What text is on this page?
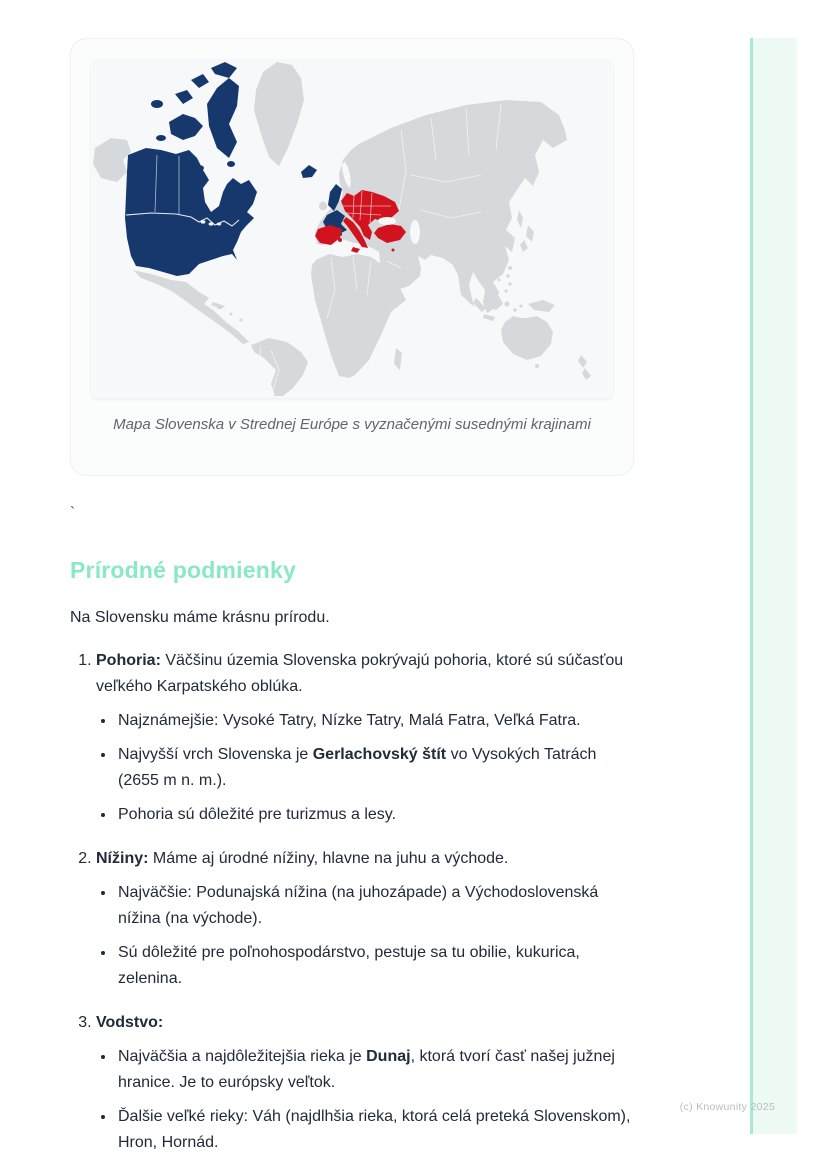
Mapa Slovenska v Strednej Európe s vyznačenými susednými krajinami

`

Prírodné podmienky

Na Slovensku máme krásnu prírodu.

1. Pohoria: Väčšinu územia Slovenska pokrývajú pohoria, ktoré sú súčasťou veľkého Karpatského oblúka.

• Najznámejšie: Vysoké Tatry, Nízke Tatry, Malá Fatra, Veľká Fatra.
• Najvyšší vrch Slovenska je Gerlachovský štít vo Vysokých Tatrách (2655 m n. m.).
• Pohoria sú dôležité pre turizmus a lesy.

2. Nížiny: Máme aj úrodné nížiny, hlavne na juhu a východe.

• Najväčšie: Podunajská nížina (na juhozápade) a Východoslovenská nížina (na východe).
• Sú dôležité pre poľnohospodárstvo, pestuje sa tu obilie, kukurica, zelenina.

3. Vodstvo:

• Najväčšia a najdôležitejšia rieka je Dunaj, ktorá tvorí časť našej južnej hranice. Je to európsky veľtok.
• Ďalšie veľké rieky: Váh (najdlhšia rieka, ktorá celá preteká Slovenskom), Hron, Hornád.
(c) Knowunity 2025
